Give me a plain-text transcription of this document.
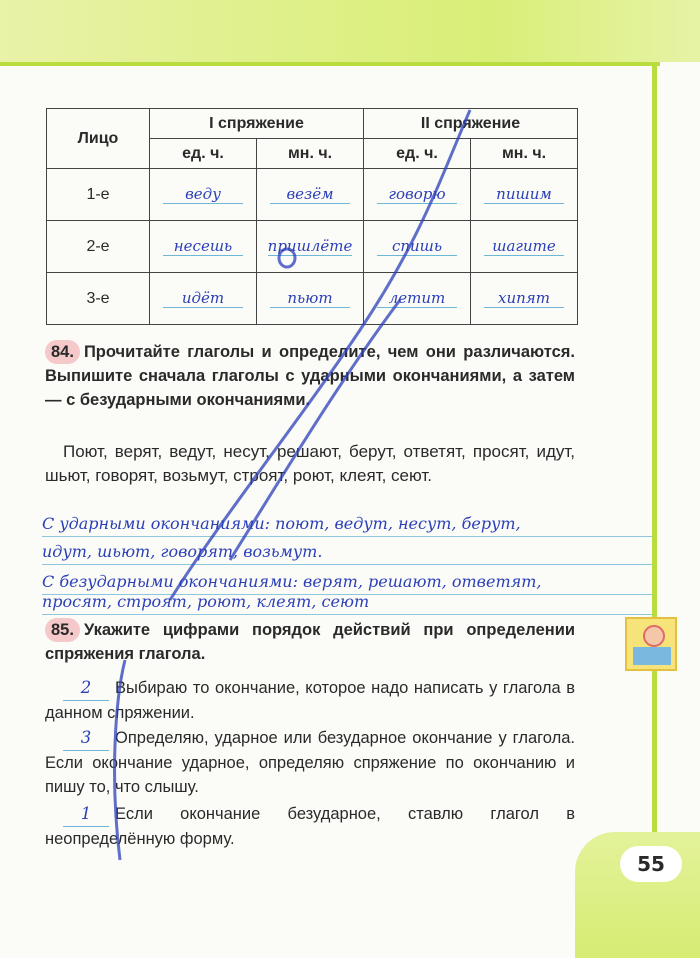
Лицо	I спряжение		II спряжение	
	ед. ч.	мн. ч.	ед. ч.	мн. ч.
1-е	веду	везём	говорю	пишим
2-е	несешь	пришлёте	спишь	шагите
3-е	идёт	пьют	летит	хипят
84. Прочитайте глаголы и определите, чем они различаются. Выпишите сначала глаголы с ударными окончаниями, а затем — с безударными окончаниями.
Поют, верят, ведут, несут, решают, берут, ответят, просят, идут, шьют, говорят, возьмут, строят, роют, клеят, сеют.
С ударными окончаниями: поют, ведут, несут, берут,
идут, шьют, говорят, возьмут.
С безударными окончаниями: верят, решают, ответят,
просят, строят, роют, клеят, сеют
85. Укажите цифрами порядок действий при определении спряжения глагола.
2 Выбираю то окончание, которое надо написать у глагола в данном спряжении.
3 Определяю, ударное или безударное окончание у глагола. Если окончание ударное, определяю спряжение по окончанию и пишу то, что слышу.
1 Если окончание безударное, ставлю глагол в неопределённую форму.
55
